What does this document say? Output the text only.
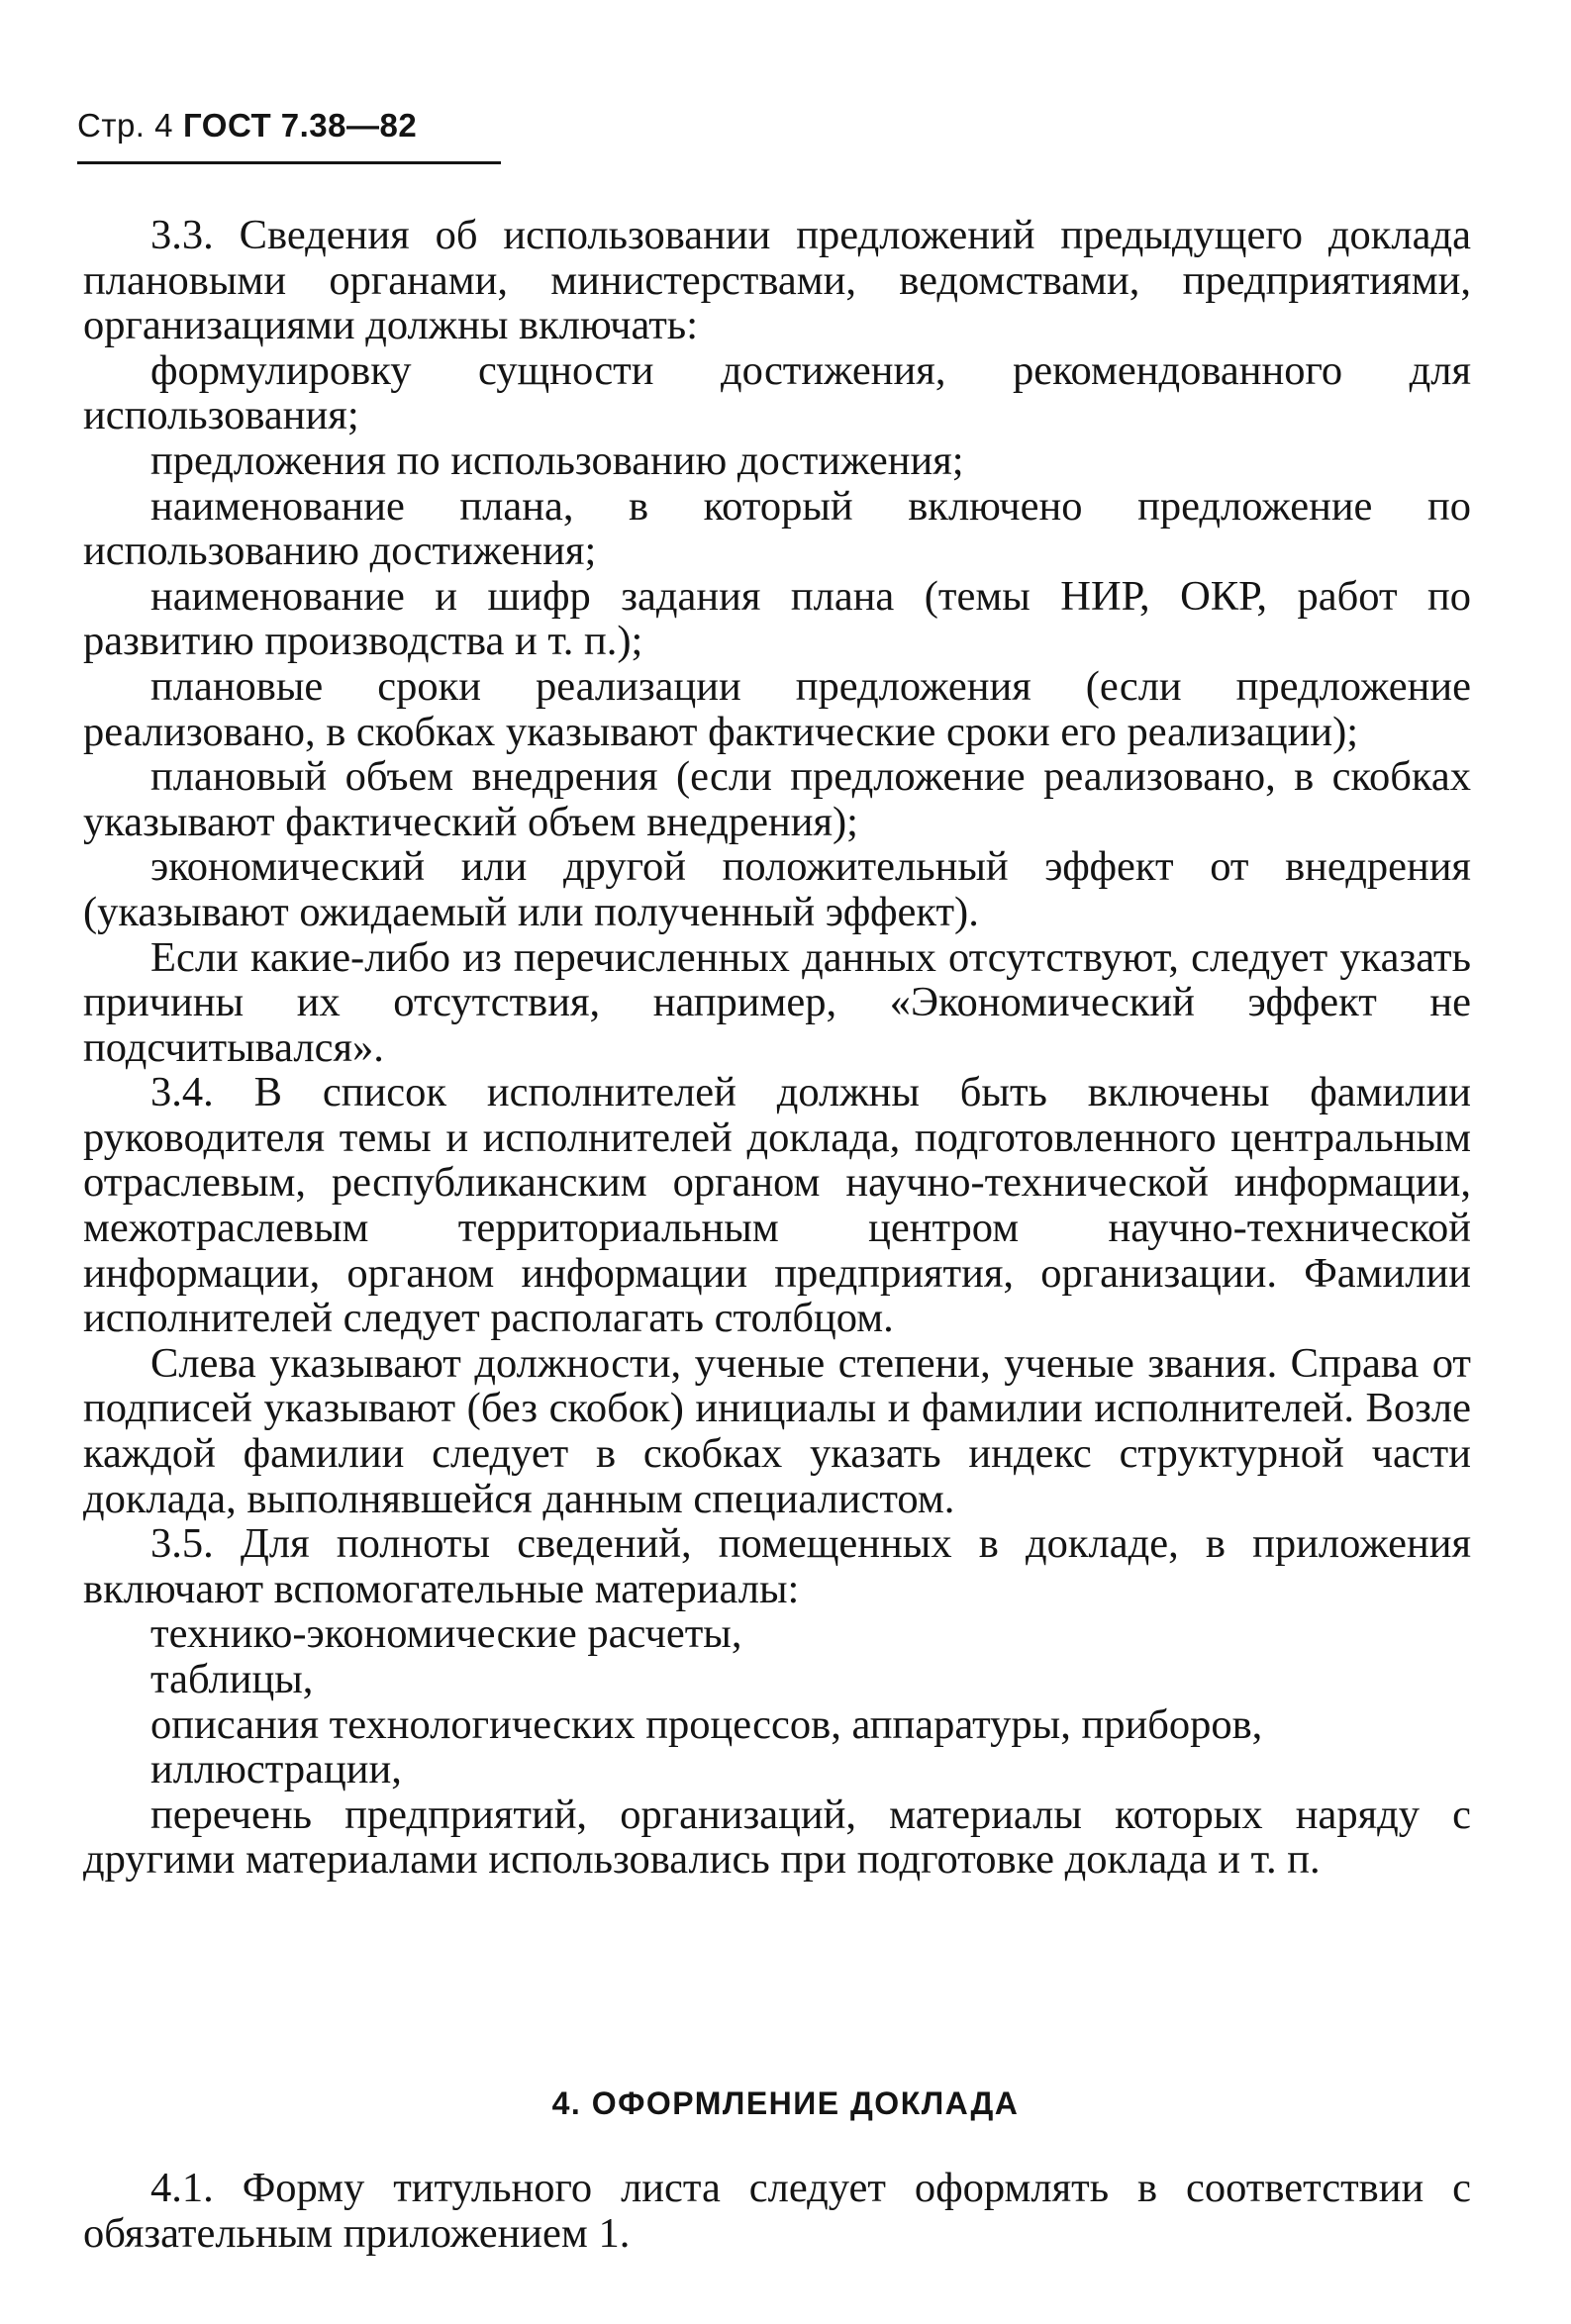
Стр. 4 ГОСТ 7.38—82

3.3. Сведения об использовании предложений предыдущего доклада плановыми органами, министерствами, ведомствами, предприятиями, организациями должны включать:

формулировку сущности достижения, рекомендованного для использования;

предложения по использованию достижения;

наименование плана, в который включено предложение по использованию достижения;

наименование и шифр задания плана (темы НИР, ОКР, работ по развитию производства и т. п.);

плановые сроки реализации предложения (если предложение реализовано, в скобках указывают фактические сроки его реализации);

плановый объем внедрения (если предложение реализовано, в скобках указывают фактический объем внедрения);

экономический или другой положительный эффект от внедрения (указывают ожидаемый или полученный эффект).

Если какие-либо из перечисленных данных отсутствуют, следует указать причины их отсутствия, например, «Экономический эффект не подсчитывался».

3.4. В список исполнителей должны быть включены фамилии руководителя темы и исполнителей доклада, подготовленного центральным отраслевым, республиканским органом научно-технической информации, межотраслевым территориальным центром научно-технической информации, органом информации предприятия, организации. Фамилии исполнителей следует располагать столбцом.

Слева указывают должности, ученые степени, ученые звания. Справа от подписей указывают (без скобок) инициалы и фамилии исполнителей. Возле каждой фамилии следует в скобках указать индекс структурной части доклада, выполнявшейся данным специалистом.

3.5. Для полноты сведений, помещенных в докладе, в приложения включают вспомогательные материалы:

технико-экономические расчеты,

таблицы,

описания технологических процессов, аппаратуры, приборов,

иллюстрации,

перечень предприятий, организаций, материалы которых наряду с другими материалами использовались при подготовке доклада и т. п.

4. ОФОРМЛЕНИЕ ДОКЛАДА

4.1. Форму титульного листа следует оформлять в соответствии с обязательным приложением 1.
